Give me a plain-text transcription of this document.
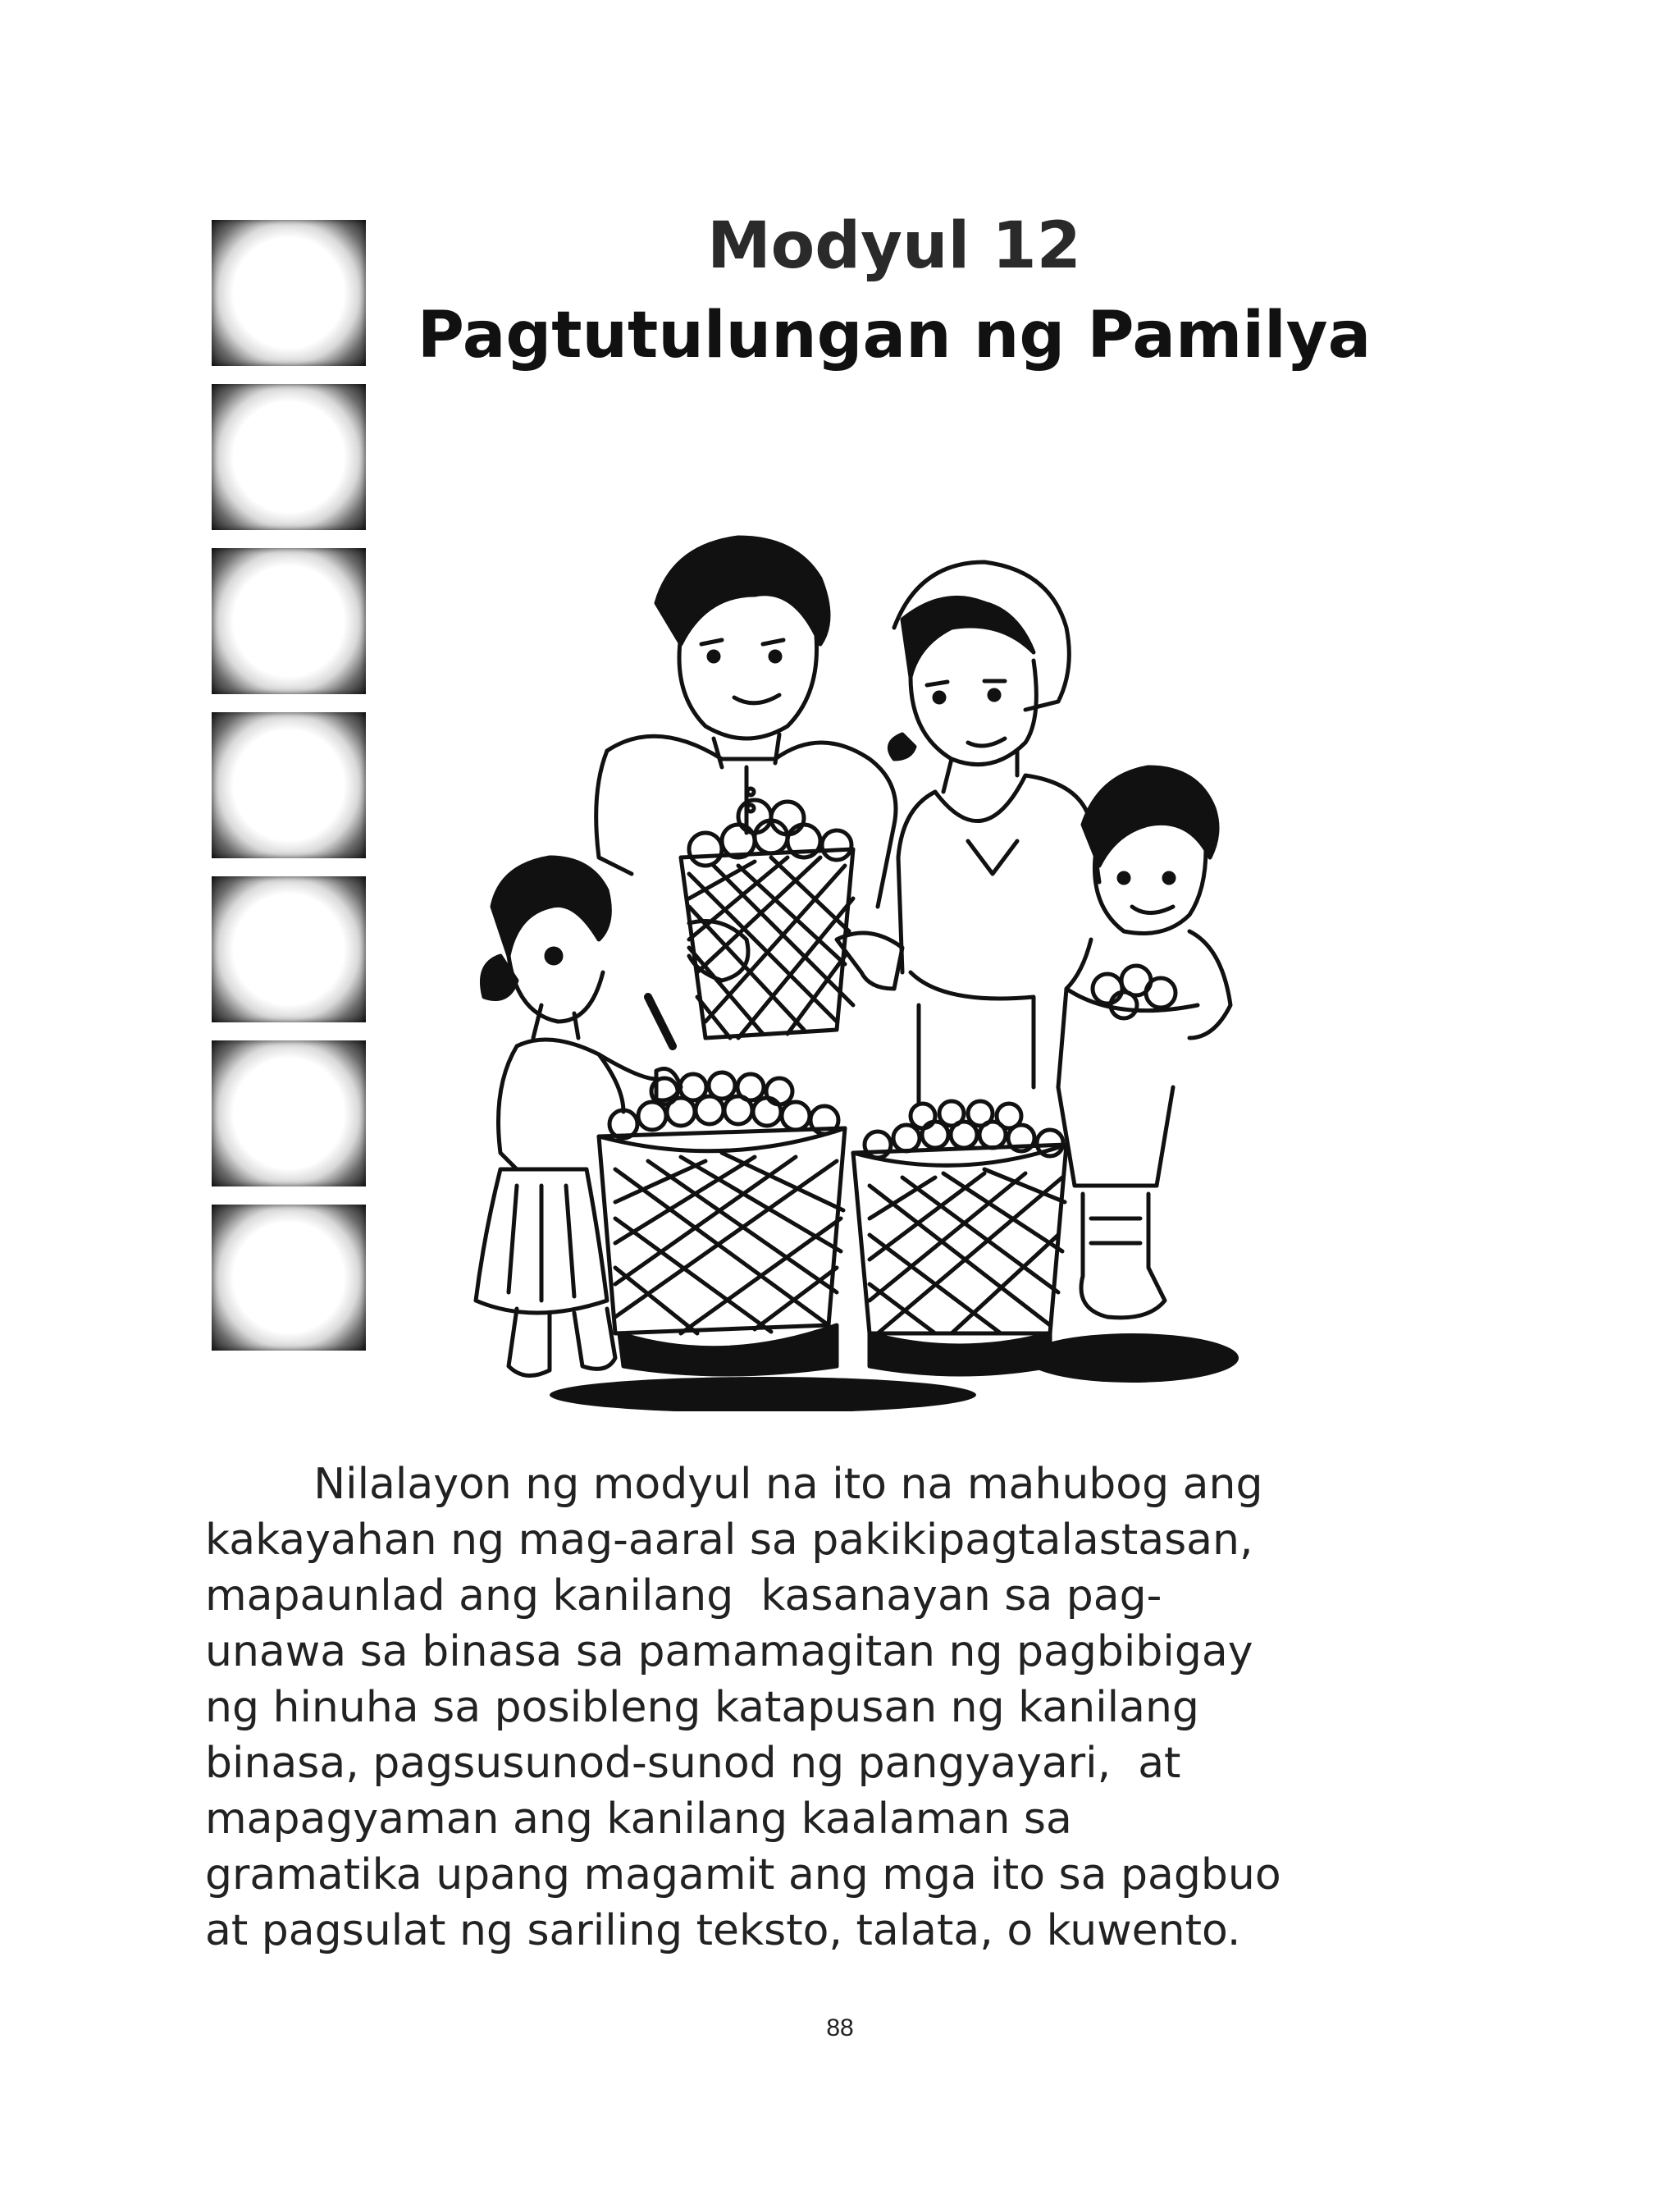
Modyul 12
Pagtutulungan ng Pamilya
Nilalayon ng modyul na ito na mahubog ang
kakayahan ng mag-aaral sa pakikipagtalastasan,
mapaunlad ang kanilang  kasanayan sa pag-
unawa sa binasa sa pamamagitan ng pagbibigay
ng hinuha sa posibleng katapusan ng kanilang
binasa, pagsusunod-sunod ng pangyayari,  at
mapagyaman ang kanilang kaalaman sa
gramatika upang magamit ang mga ito sa pagbuo
at pagsulat ng sariling teksto, talata, o kuwento.
88
